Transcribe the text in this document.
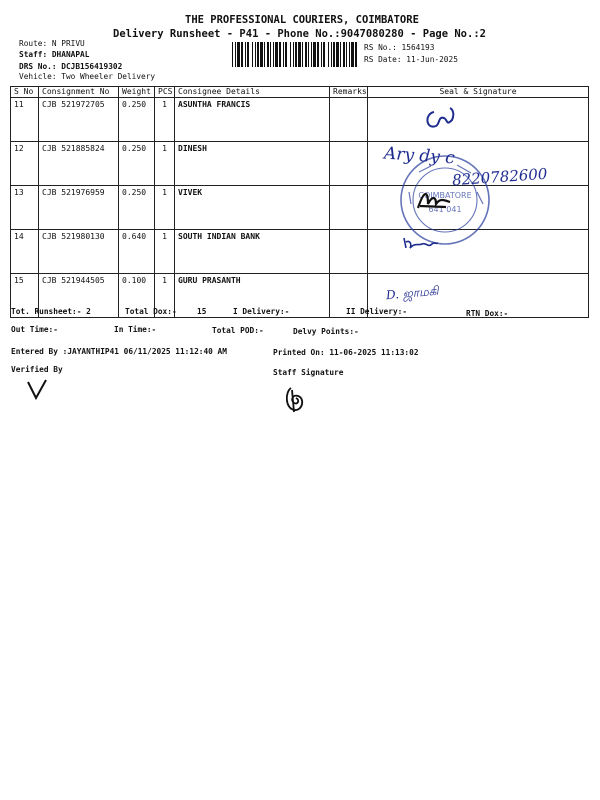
THE PROFESSIONAL COURIERS, COIMBATORE
Delivery Runsheet - P41 - Phone No.:9047080280 - Page No.:2
Route: N PRIVU
Staff: DHANAPAL
DRS No.: DCJB156419302
Vehicle: Two Wheeler Delivery
RS No.: 1564193
RS Date: 11-Jun-2025
S No	Consignment No	Weight	PCS	Consignee Details	Remarks	Seal & Signature
11	CJB 521972705	0.250	1	ASUNTHA FRANCIS		
12	CJB 521885824	0.250	1	DINESH		
13	CJB 521976959	0.250	1	VIVEK		
14	CJB 521980130	0.640	1	SOUTH INDIAN BANK		
15	CJB 521944505	0.100	1	GURU PRASANTH		
COIMBATORE
641 041
Ary dy c
8220782600
D. ஜாமகி
Tot. Runsheet:- 2	Total Dox:-	15	I Delivery:-	II Delivery:-	RTN Dox:-
Out Time:-	In Time:-	Total POD:-	Delvy Points:-
Entered By :JAYANTHIP41 06/11/2025 11:12:40 AM	Printed On: 11-06-2025 11:13:02
Verified By	Staff Signature
